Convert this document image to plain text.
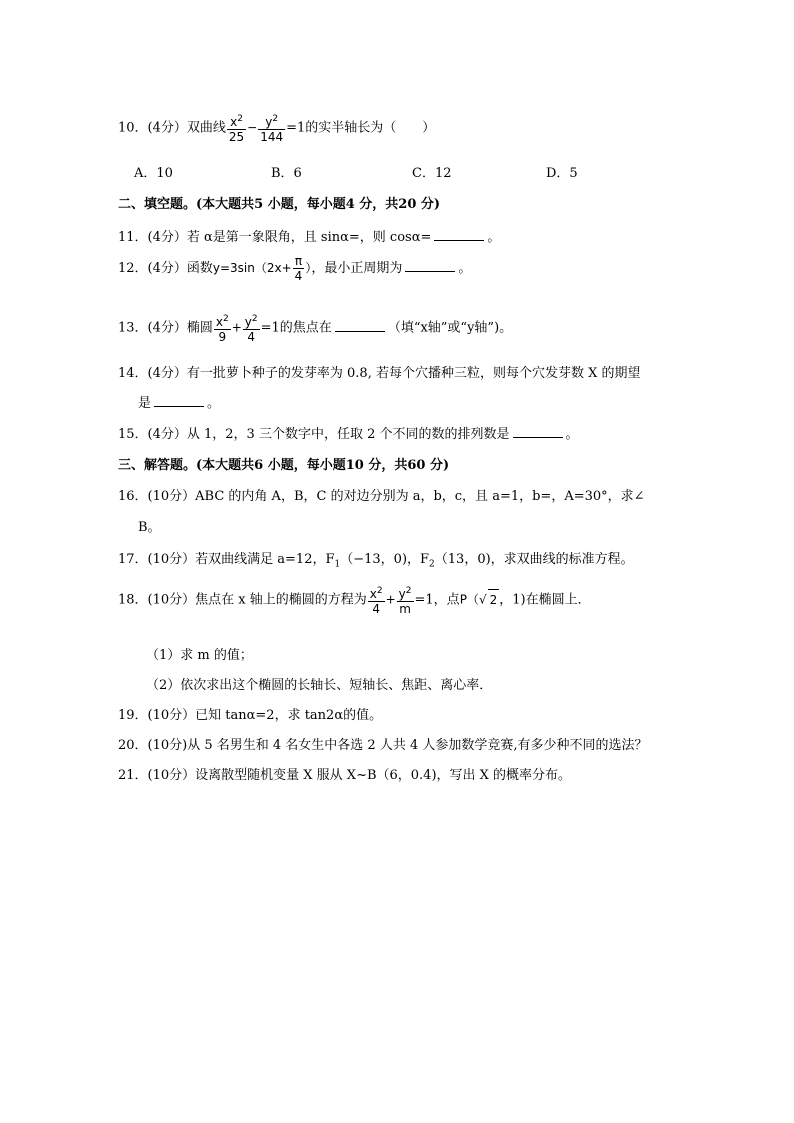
10．(4分）双曲线 $\frac{x^2}{25} - \frac{y^2}{144} =1$的实半轴长为（　　）
A．10	B．6	C．12	D．5
二、填空题。(本大题共5 小题，每小题4 分，共20 分)
11．(4分）若 α是第一象限角，且 sinα=，则 cosα=	。
12．(4分）函数$y=3\sin(2x+ \frac{\pi}{4}$ ），最小正周期为	。
13．(4分）椭圆 $\frac{x^2}{9} + \frac{y^2}{4} =1$的焦点在	（填“x轴”或“y轴”)。
14．(4分）有一批萝卜种子的发芽率为 0.8, 若每个穴播种三粒，则每个穴发芽数 X 的期望
是	。
15．(4分）从 1，2，3 三个数字中，任取 2 个不同的数的排列数是	。
三、解答题。(本大题共6 小题，每小题10 分，共60 分)
16．(10分）ABC 的内角 A，B，C 的对边分别为 a，b，c，且 a=1，b=，A=30°，求∠
B。
17．(10分）若双曲线满足 a=12，$F_1(-13$，0)，$F_2(13$，0)，求双曲线的标准方程。
18．(10分）焦点在 x 轴上的椭圆的方程为 $\frac{x^2}{4} + \frac{y^2}{m} =1$，点P（√ 2 ，1)在椭圆上．
（1）求 m 的值；
（2）依次求出这个椭圆的长轴长、短轴长、焦距、离心率．
19．(10分）已知 tanα=2，求 tan2α的值。
20．(10分)从 5 名男生和 4 名女生中各选 2 人共 4 人参加数学竞赛,有多少种不同的选法？
21．(10分）设离散型随机变量 X 服从 X~B（6，0.4)，写出 X 的概率分布。
